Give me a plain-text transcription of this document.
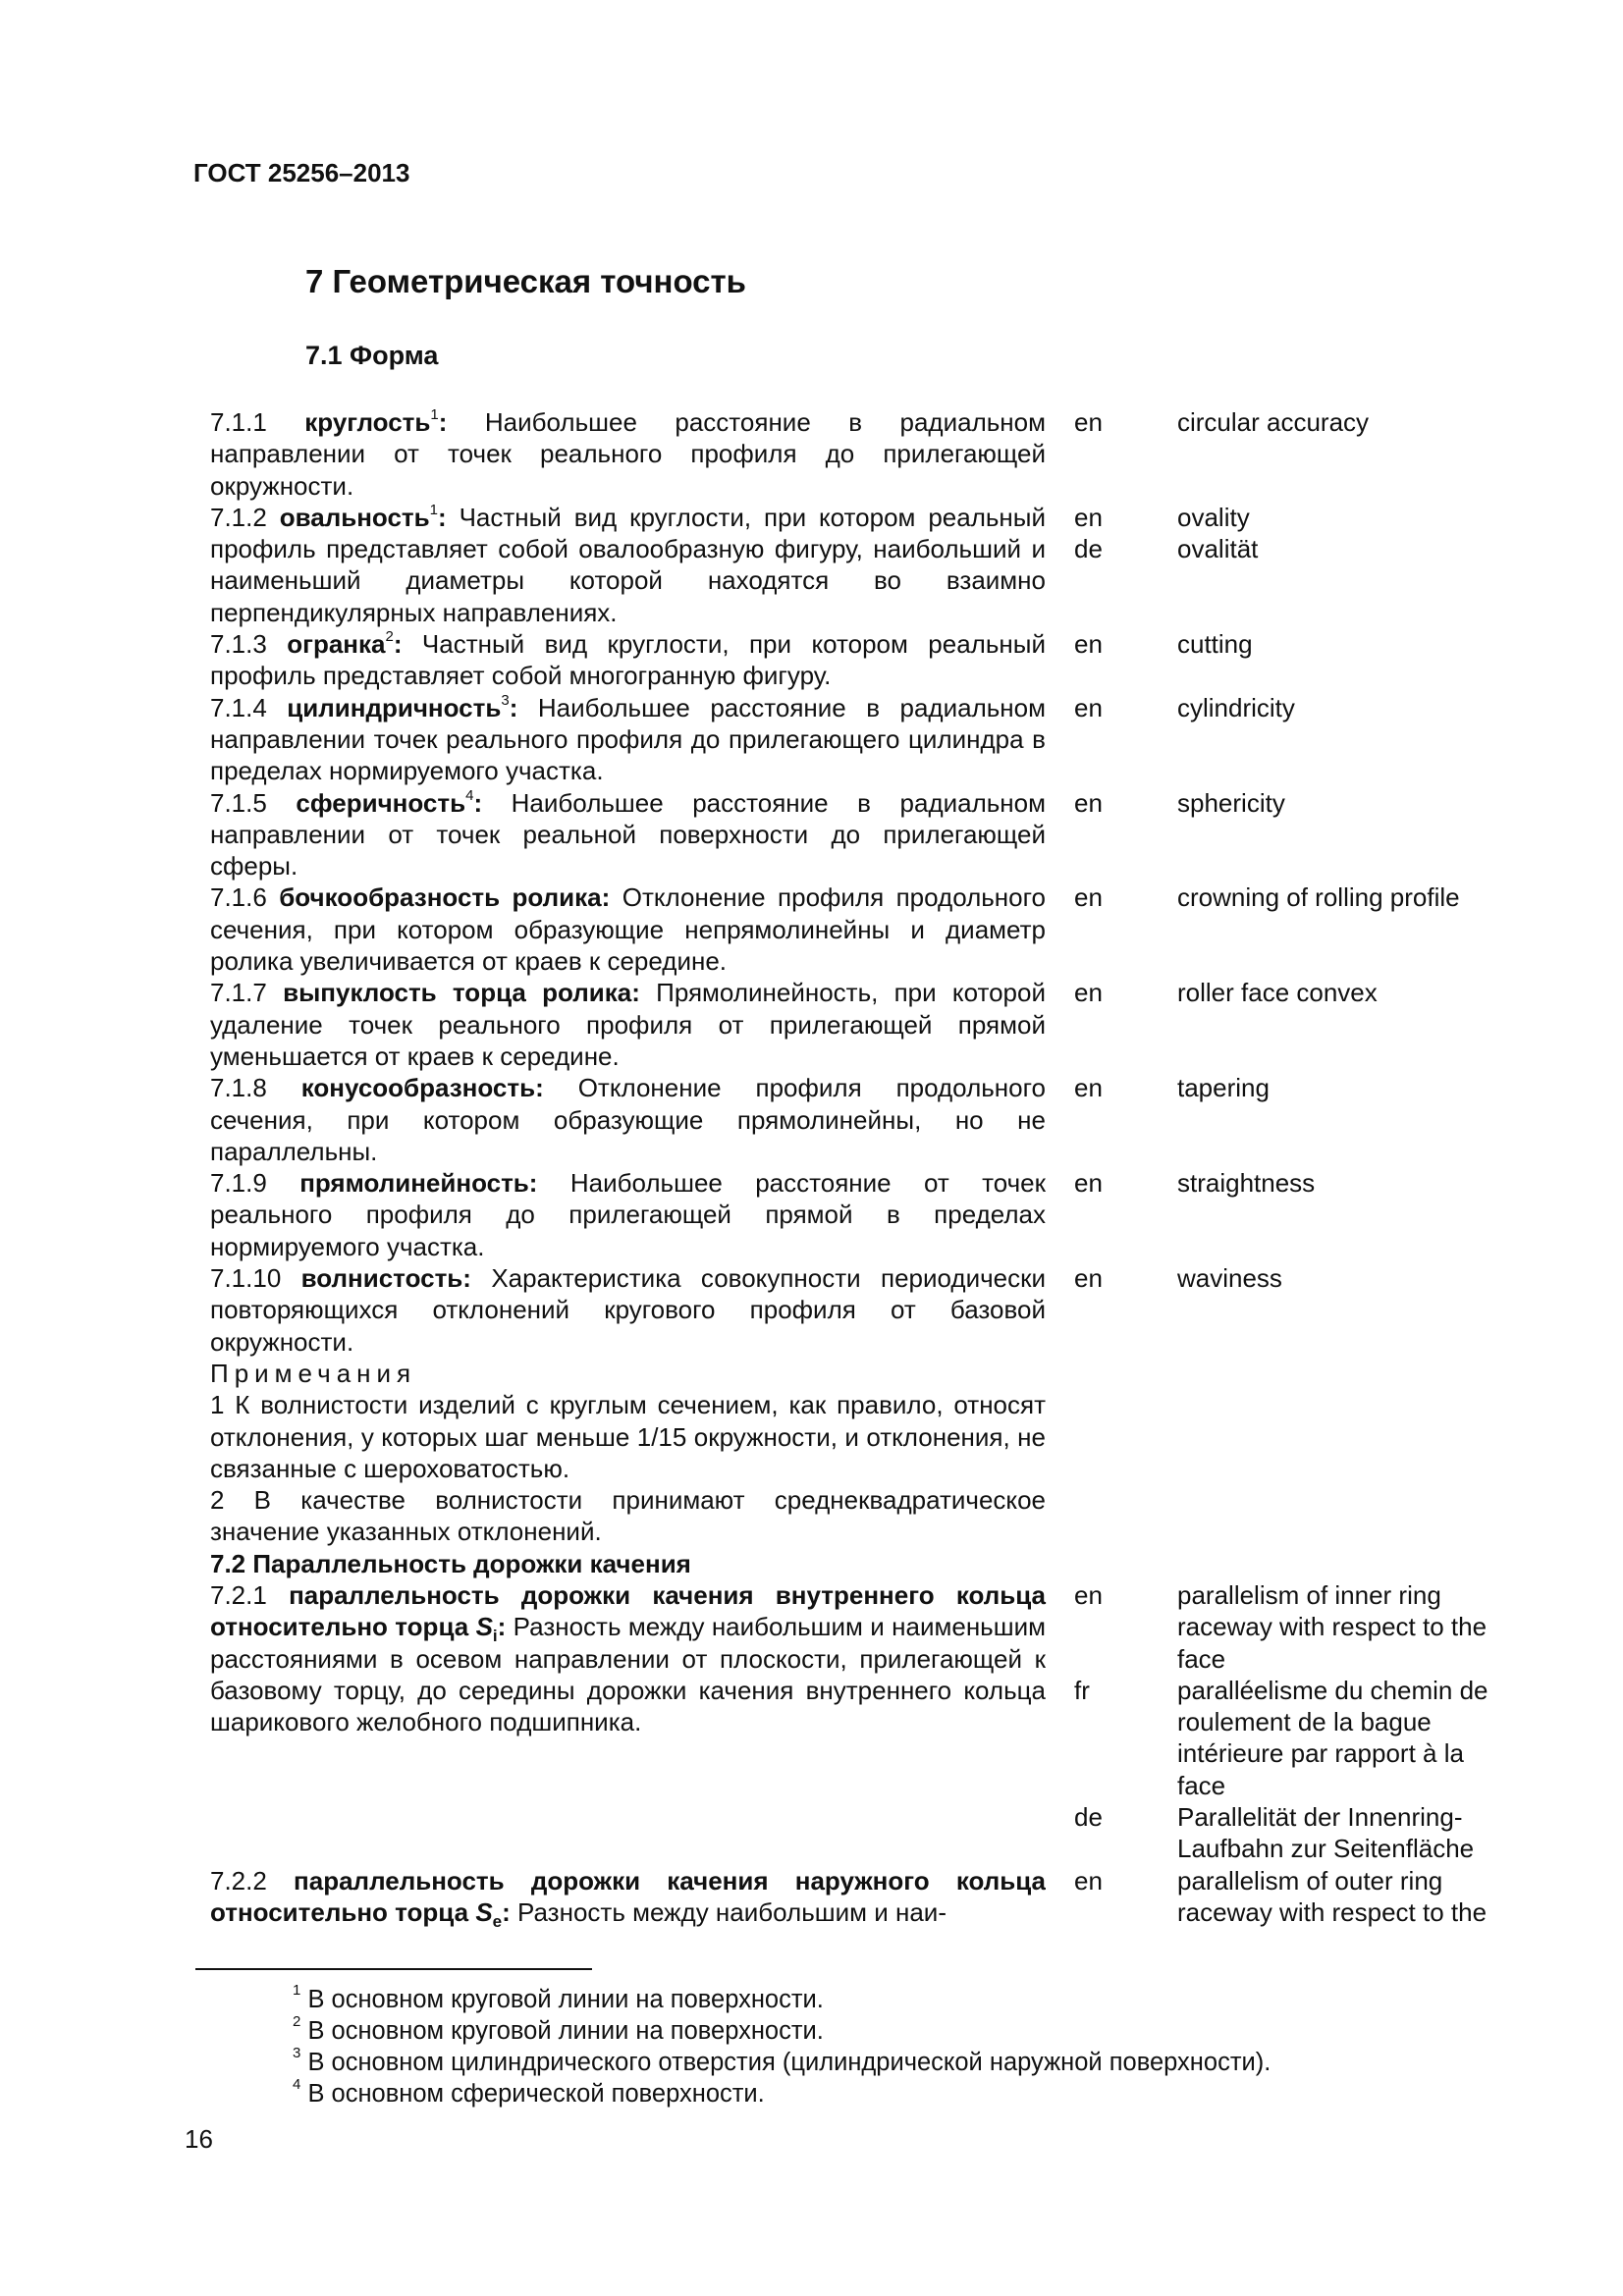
ГОСТ 25256–2013
7 Геометрическая точность
7.1 Форма
7.1.1 круглость$^1$: Наибольшее расстояние в радиальном направлении от точек реального профиля до прилегающей окружности.
en	circular accuracy
7.1.2 овальность$^1$: Частный вид круглости, при котором реальный профиль представляет собой овалообразную фигуру, наибольший и наименьший диаметры которой находятся во взаимно перпендикулярных направлениях.
en	ovality
de	ovalität
7.1.3 огранка$^2$: Частный вид круглости, при котором реальный профиль представляет собой многогранную фигуру.
en	cutting
7.1.4 цилиндричность$^3$: Наибольшее расстояние в радиальном направлении точек реального профиля до прилегающего цилиндра в пределах нормируемого участка.
en	cylindricity
7.1.5 сферичность$^4$: Наибольшее расстояние в радиальном направлении от точек реальной поверхности до прилегающей сферы.
en	sphericity
7.1.6 бочкообразность ролика: Отклонение профиля продольного сечения, при котором образующие непрямолинейны и диаметр ролика увеличивается от краев к середине.
en	crowning of rolling profile
7.1.7 выпуклость торца ролика: Прямолинейность, при которой удаление точек реального профиля от прилегающей прямой уменьшается от краев к середине.
en	roller face convex
7.1.8 конусообразность: Отклонение профиля продольного сечения, при котором образующие прямолинейны, но не параллельны.
en	tapering
7.1.9 прямолинейность: Наибольшее расстояние от точек реального профиля до прилегающей прямой в пределах нормируемого участка.
en	straightness
7.1.10 волнистость: Характеристика совокупности периодически повторяющихся отклонений кругового профиля от базовой окружности.
en	waviness
Примечания
1 К волнистости изделий с круглым сечением, как правило, относят отклонения, у которых шаг меньше 1/15 окружности, и отклонения, не связанные с шероховатостью.
2 В качестве волнистости принимают среднеквадратическое значение указанных отклонений.
7.2 Параллельность дорожки качения
7.2.1 параллельность дорожки качения внутреннего кольца относительно торца $S_i$: Разность между наибольшим и наименьшим расстояниями в осевом направлении от плоскости, прилегающей к базовому торцу, до середины дорожки качения внутреннего кольца шарикового желобного подшипника.
en	parallelism of inner ring raceway with respect to the face
fr	paralléelisme du chemin de roulement de la bague intérieure par rapport à la face
de	Parallelität der Innenring-Laufbahn zur Seitenfläche
7.2.2 параллельность дорожки качения наружного кольца относительно торца $S_e$: Разность между наибольшим и наи-
en	parallelism of outer ring raceway with respect to the
$^1$ В основном круговой линии на поверхности.
$^2$ В основном круговой линии на поверхности.
$^3$ В основном цилиндрического отверстия (цилиндрической наружной поверхности).
$^4$ В основном сферической поверхности.
16
